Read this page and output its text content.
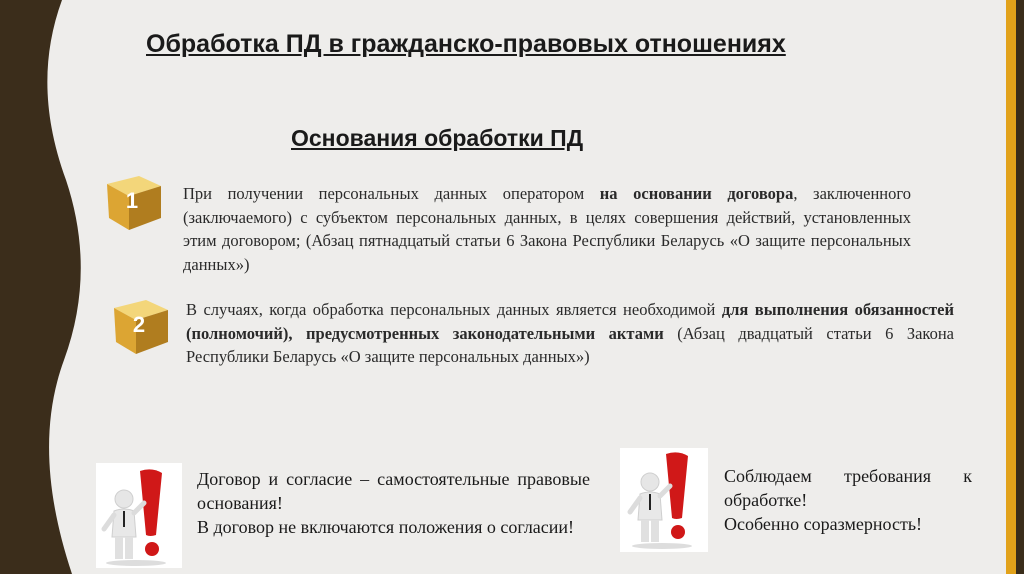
Обработка ПД в гражданско-правовых отношениях
Основания обработки ПД
1	При получении персональных данных оператором на основании договора, заключенного (заключаемого) с субъектом персональных данных, в целях совершения действий, установленных этим договором; (Абзац пятнадцатый статьи 6 Закона Республики Беларусь «О защите персональных данных»)
2
В случаях, когда обработка персональных данных является необходимой для выполнения обязанностей (полномочий), предусмотренных законодательными актами (Абзац двадцатый статьи 6 Закона Республики Беларусь «О защите персональных данных»)
Договор и согласие – самостоятельные правовые основания!
В договор не включаются положения о согласии!
Соблюдаем требования к обработке!
Особенно соразмерность!
